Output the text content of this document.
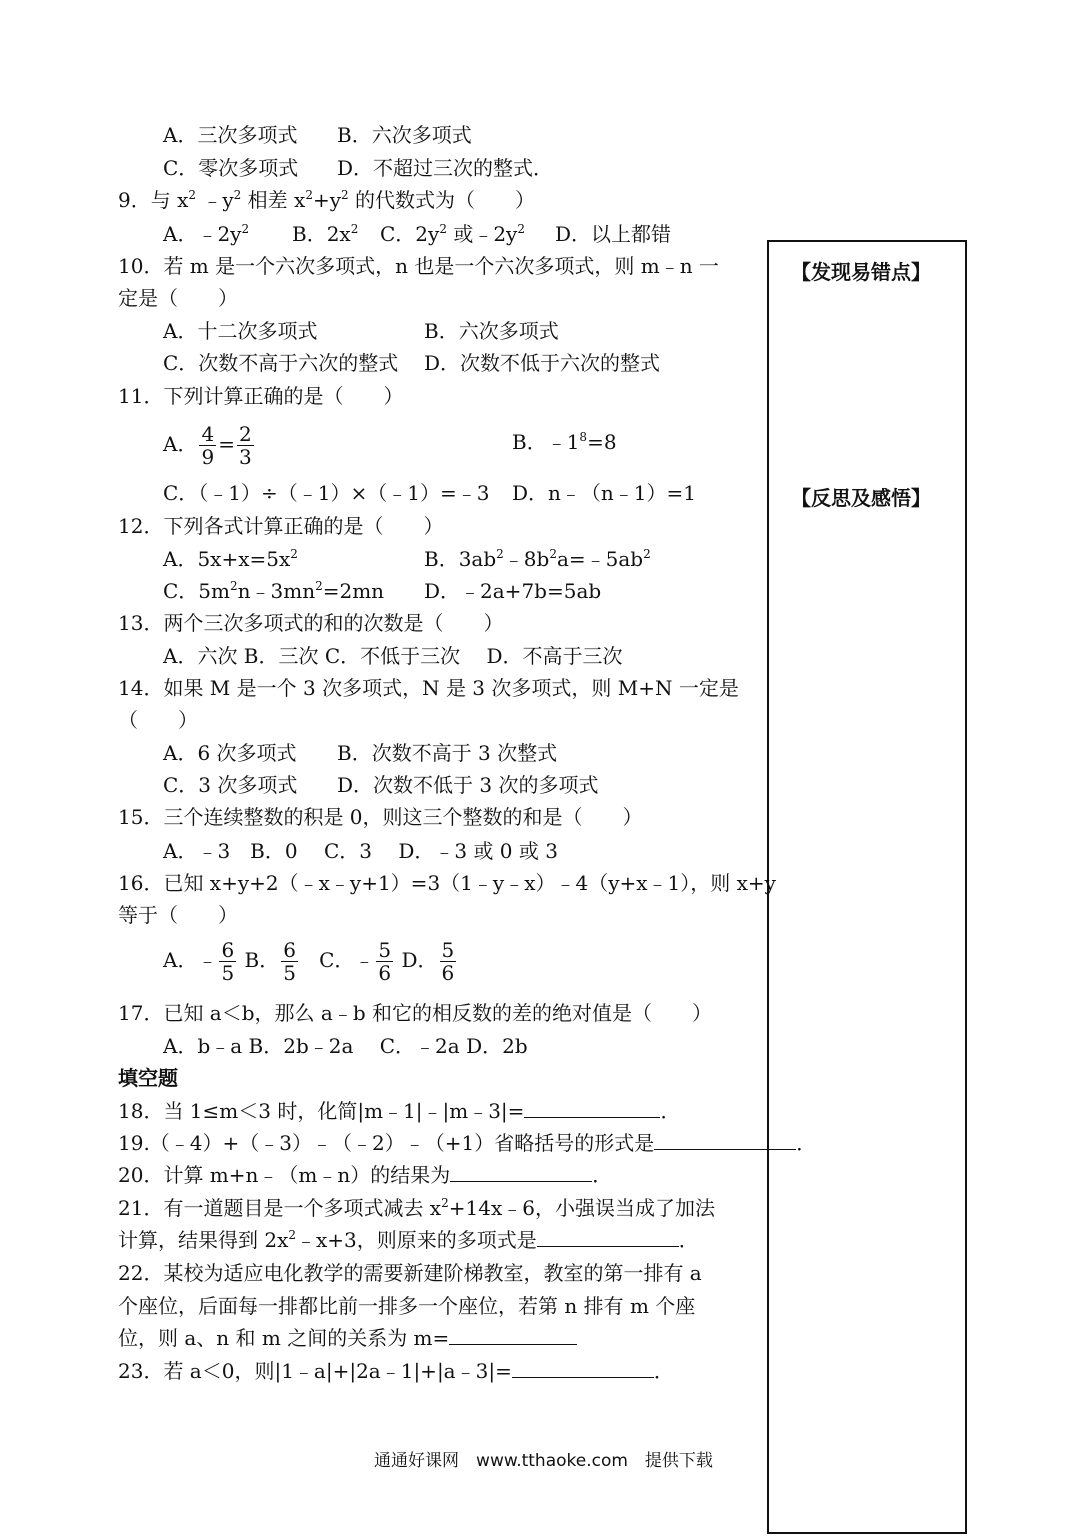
A．三次多项式 B．六次多项式
C．零次多项式 D．不超过三次的整式．
9．与 $x^2$ $﹣y^2$ 相差 $x^2+y^2$ 的代数式为（　　）
A．$﹣2y^2$ B．$2x^2$ C．$2y^2$ 或$﹣2y^2$ D．以上都错
10．若 m 是一个六次多项式，n 也是一个六次多项式，则 m﹣n 一
定是（　　）
A．十二次多项式	B．六次多项式
C．次数不高于六次的整式 D．次数不低于六次的整式
11．下列计算正确的是（　　）
A． $\frac{4}{9} = \frac{2}{3}$	B．$﹣1^8=8$
C．（﹣1）÷（﹣1）×（﹣1）=﹣3 D．n﹣（n﹣1）=1
12．下列各式计算正确的是（　　）
A．$5x+x=5x^2$	B．$3ab^2﹣8b^2a=﹣5ab^2$
C．$5m^2n﹣3mn^2=2mn$ D．﹣2a+7b=5ab
13．两个三次多项式的和的次数是（　　）
A．六次 B．三次 C．不低于三次　 D．不高于三次
14．如果 M 是一个 3 次多项式，N 是 3 次多项式，则 M+N 一定是
（　　）
A．6 次多项式 B．次数不高于 3 次整式
C．3 次多项式 D．次数不低于 3 次的多项式
15．三个连续整数的积是 0，则这三个整数的和是（　　）
A．﹣3　B．0　 C．3　 D．﹣3 或 0 或 3
16．已知 x+y+2（﹣x﹣y+1）=3（1﹣y﹣x）﹣4（y+x﹣1），则 x+y
等于（　　）
A．﹣ $\frac{6}{5}$ B． $\frac{6}{5}$ C．﹣ $\frac{5}{6}$ D． $\frac{5}{6}$
17．已知 a＜b，那么 a﹣b 和它的相反数的差的绝对值是（　　）
A．b﹣a B．2b﹣2a　 C．﹣2a D．2b
填空题
18．当 1≤m＜3 时，化简|m﹣1|﹣|m﹣3|=	．
19.（﹣4）+（﹣3）﹣（﹣2）﹣（+1）省略括号的形式是	．
20．计算 m+n﹣（m﹣n）的结果为	．
21．有一道题目是一个多项式减去 $x^2+14x﹣6$，小强误当成了加法
计算，结果得到 $2x^2﹣x+3$，则原来的多项式是	．
22．某校为适应电化教学的需要新建阶梯教室，教室的第一排有 a
个座位，后面每一排都比前一排多一个座位，若第 n 排有 m 个座
位，则 a、n 和 m 之间的关系为 m=
23．若 a＜0，则|1﹣a|+|2a﹣1|+|a﹣3|=	．
【发现易错点】
【反思及感悟】
通通好课网　www.tthaoke.com　提供下载
